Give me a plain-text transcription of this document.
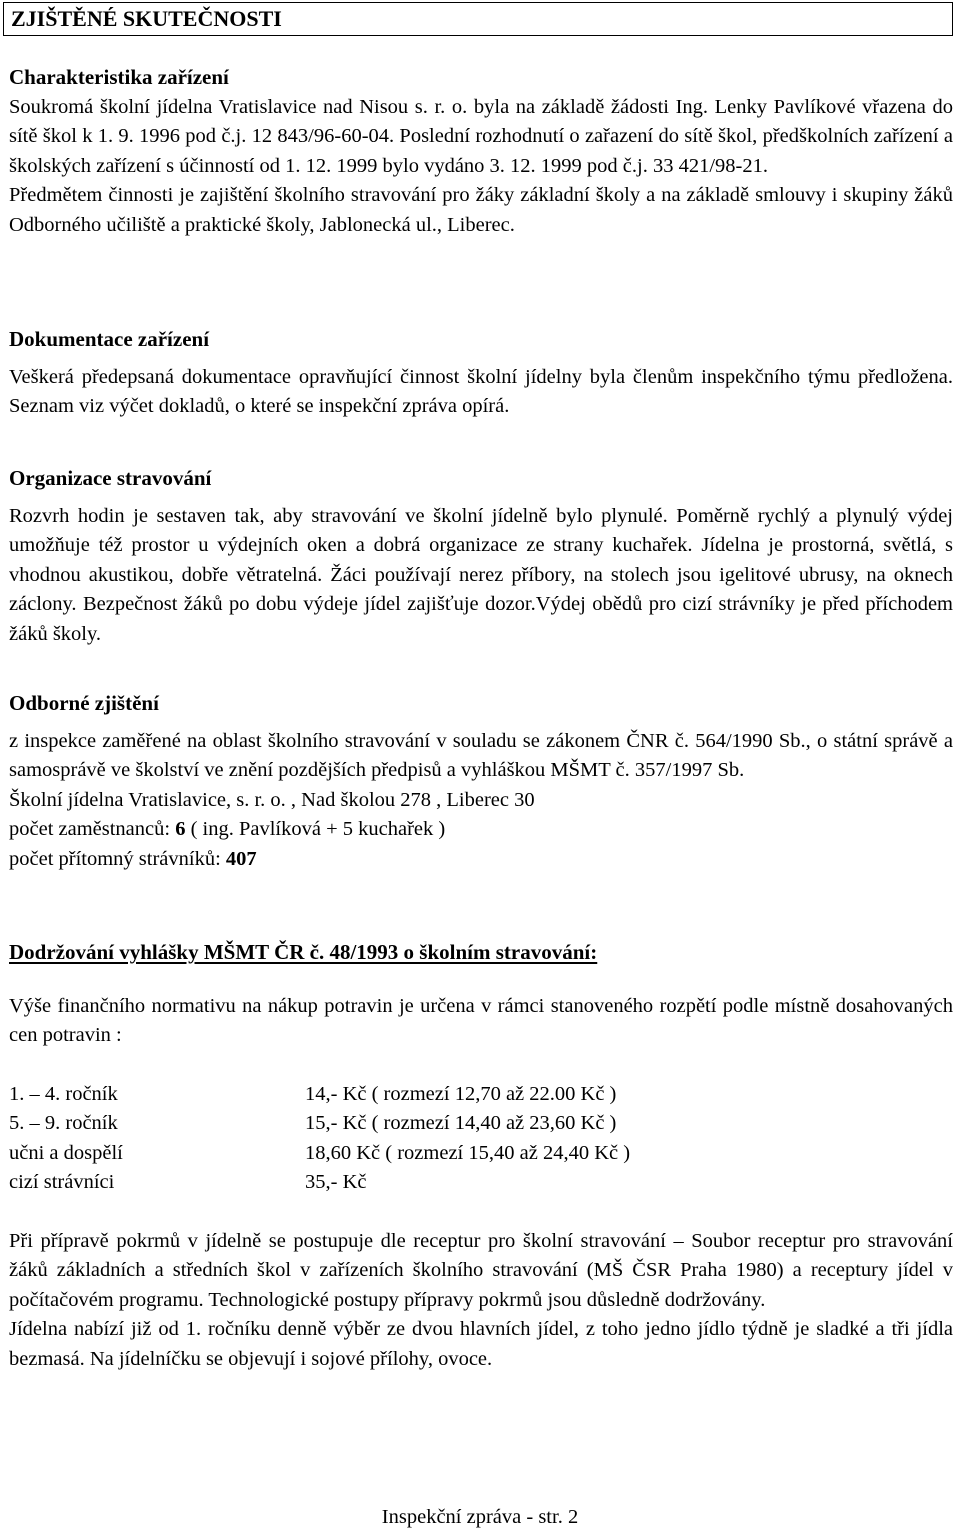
ZJIŠTĚNÉ SKUTEČNOSTI
Charakteristika zařízení
Soukromá školní jídelna Vratislavice nad Nisou s. r. o. byla na základě žádosti Ing. Lenky Pavlíkové vřazena do sítě škol k 1. 9. 1996 pod č.j. 12 843/96-60-04. Poslední rozhodnutí o zařazení do sítě škol, předškolních zařízení a školských zařízení s účinností od 1. 12. 1999 bylo vydáno 3. 12. 1999 pod č.j. 33 421/98-21.
Předmětem činnosti je zajištění školního stravování pro žáky základní školy a na základě smlouvy i skupiny žáků Odborného učiliště a praktické školy, Jablonecká ul., Liberec.
Dokumentace zařízení
Veškerá předepsaná dokumentace opravňující činnost školní jídelny byla členům inspekčního týmu předložena. Seznam viz výčet dokladů, o které se inspekční zpráva opírá.
Organizace stravování
Rozvrh hodin je sestaven tak, aby stravování ve školní jídelně bylo plynulé. Poměrně rychlý a plynulý výdej umožňuje též prostor u výdejních oken a dobrá organizace ze strany kuchařek. Jídelna je prostorná, světlá, s vhodnou akustikou, dobře větratelná. Žáci používají nerez příbory, na stolech jsou igelitové ubrusy, na oknech záclony. Bezpečnost žáků po dobu výdeje jídel zajišťuje dozor.Výdej obědů pro cizí strávníky je před příchodem žáků školy.
Odborné zjištění
z inspekce zaměřené na oblast školního stravování v souladu se zákonem ČNR č. 564/1990 Sb., o státní správě a samosprávě ve školství ve znění pozdějších předpisů a vyhláškou MŠMT č. 357/1997 Sb.
Školní jídelna Vratislavice, s. r. o. , Nad školou 278 , Liberec 30
počet zaměstnanců: 6 ( ing. Pavlíková + 5 kuchařek )
počet přítomný strávníků: 407
Dodržování vyhlášky MŠMT ČR č. 48/1993 o školním stravování:
Výše finančního normativu na nákup potravin je určena v rámci stanoveného rozpětí podle místně dosahovaných cen potravin :
1. – 4. ročník	14,- Kč ( rozmezí 12,70 až 22.00 Kč )
5. – 9. ročník	15,- Kč ( rozmezí 14,40 až 23,60 Kč )
učni a dospělí	18,60 Kč ( rozmezí 15,40 až 24,40 Kč )
cizí strávníci	35,- Kč
Při přípravě pokrmů v jídelně se postupuje dle receptur pro školní stravování – Soubor receptur pro stravování žáků základních a středních škol v zařízeních školního stravování (MŠ ČSR Praha 1980) a receptury jídel v počítačovém programu. Technologické postupy přípravy pokrmů jsou důsledně dodržovány.
Jídelna nabízí již od 1. ročníku denně výběr ze dvou hlavních jídel, z toho jedno jídlo týdně je sladké a tři jídla bezmasá. Na jídelníčku se objevují i sojové přílohy, ovoce.
Inspekční zpráva - str. 2
